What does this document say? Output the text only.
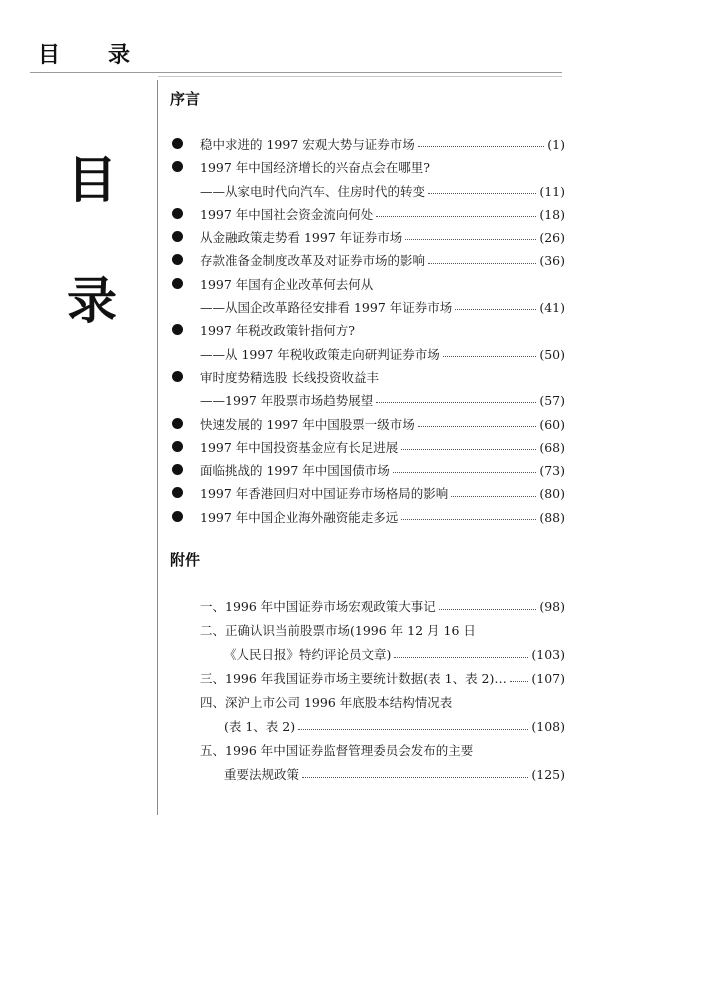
目录
目
录
序言
稳中求进的 1997 宏观大势与证券市场	(1)
1997 年中国经济增长的兴奋点会在哪里?
——从家电时代向汽车、住房时代的转变	(11)
1997 年中国社会资金流向何处	(18)
从金融政策走势看 1997 年证券市场	(26)
存款准备金制度改革及对证券市场的影响	(36)
1997 年国有企业改革何去何从
——从国企改革路径安排看 1997 年证券市场	(41)
1997 年税改政策针指何方?
——从 1997 年税收政策走向研判证券市场	(50)
审时度势精选股 长线投资收益丰
——1997 年股票市场趋势展望	(57)
快速发展的 1997 年中国股票一级市场	(60)
1997 年中国投资基金应有长足进展	(68)
面临挑战的 1997 年中国国债市场	(73)
1997 年香港回归对中国证券市场格局的影响	(80)
1997 年中国企业海外融资能走多远	(88)
附件
一、1996 年中国证券市场宏观政策大事记	(98)
二、正确认识当前股票市场(1996 年 12 月 16 日
《人民日报》特约评论员文章)	(103)
三、1996 年我国证券市场主要统计数据(表 1、表 2)… (107)
四、深沪上市公司 1996 年底股本结构情况表
(表 1、表 2)	(108)
五、1996 年中国证券监督管理委员会发布的主要
重要法规政策	(125)
